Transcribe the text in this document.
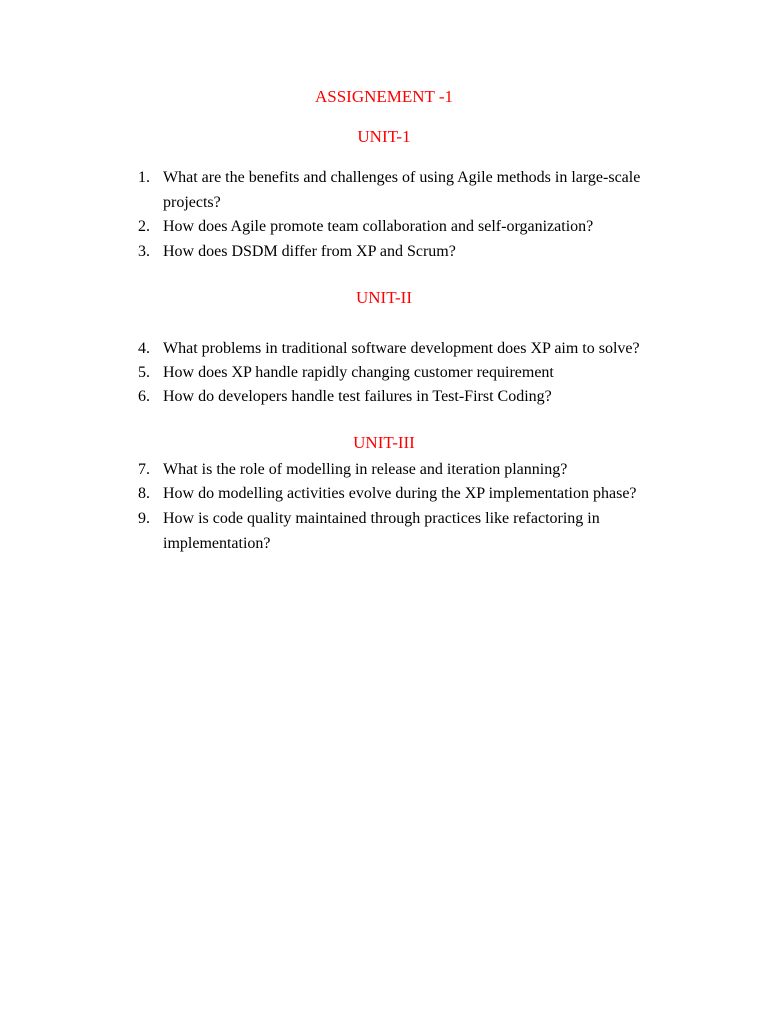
ASSIGNEMENT -1
UNIT-1
1. What are the benefits and challenges of using Agile methods in large-scale projects?
2. How does Agile promote team collaboration and self-organization?
3. How does DSDM differ from XP and Scrum?
UNIT-II
4. What problems in traditional software development does XP aim to solve?
5. How does XP handle rapidly changing customer requirement
6. How do developers handle test failures in Test-First Coding?
UNIT-III
7. What is the role of modelling in release and iteration planning?
8. How do modelling activities evolve during the XP implementation phase?
9. How is code quality maintained through practices like refactoring in implementation?
